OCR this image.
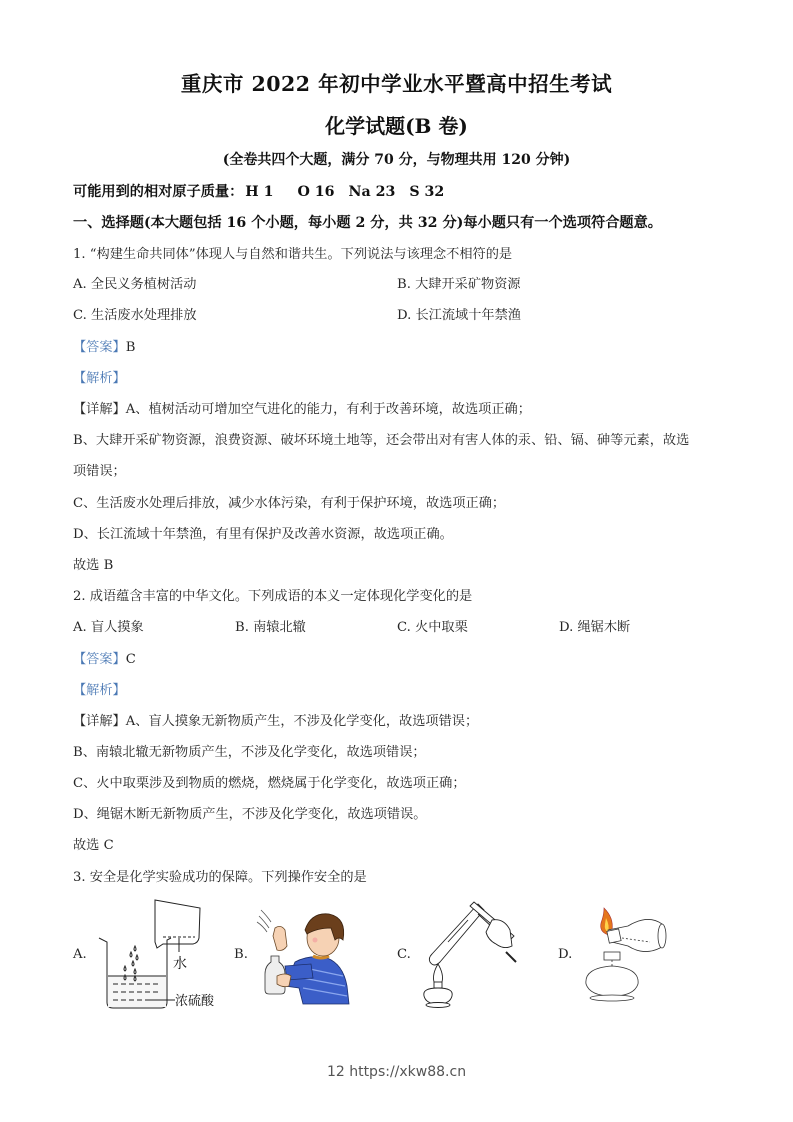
重庆市 2022 年初中学业水平暨高中招生考试
化学试题(B 卷)
(全卷共四个大题，满分 70 分，与物理共用 120 分钟)
可能用到的相对原子质量： H 1 O 16 Na 23 S 32
一、选择题(本大题包括 16 个小题，每小题 2 分，共 32 分)每小题只有一个选项符合题意。
1. “构建生命共同体”体现人与自然和谐共生。下列说法与该理念不相符的是
A. 全民义务植树活动	B. 大肆开采矿物资源
C. 生活废水处理排放	D. 长江流域十年禁渔
【答案】B
【解析】
【详解】A、植树活动可增加空气进化的能力，有利于改善环境，故选项正确；
B、大肆开采矿物资源，浪费资源、破坏环境土地等，还会带出对有害人体的汞、铅、镉、砷等元素，故选
项错误；
C、生活废水处理后排放，减少水体污染，有利于保护环境，故选项正确；
D、长江流域十年禁渔，有里有保护及改善水资源，故选项正确。
故选 B
2. 成语蕴含丰富的中华文化。下列成语的本义一定体现化学变化的是
A. 盲人摸象	B. 南辕北辙	C. 火中取栗	D. 绳锯木断
【答案】C
【解析】
【详解】A、盲人摸象无新物质产生，不涉及化学变化，故选项错误；
B、南辕北辙无新物质产生，不涉及化学变化，故选项错误；
C、火中取栗涉及到物质的燃烧，燃烧属于化学变化，故选项正确；
D、绳锯木断无新物质产生，不涉及化学变化，故选项错误。
故选 C
3. 安全是化学实验成功的保障。下列操作安全的是
A.
水
浓硫酸
B.	C.	D.
12 https://xkw88.cn
